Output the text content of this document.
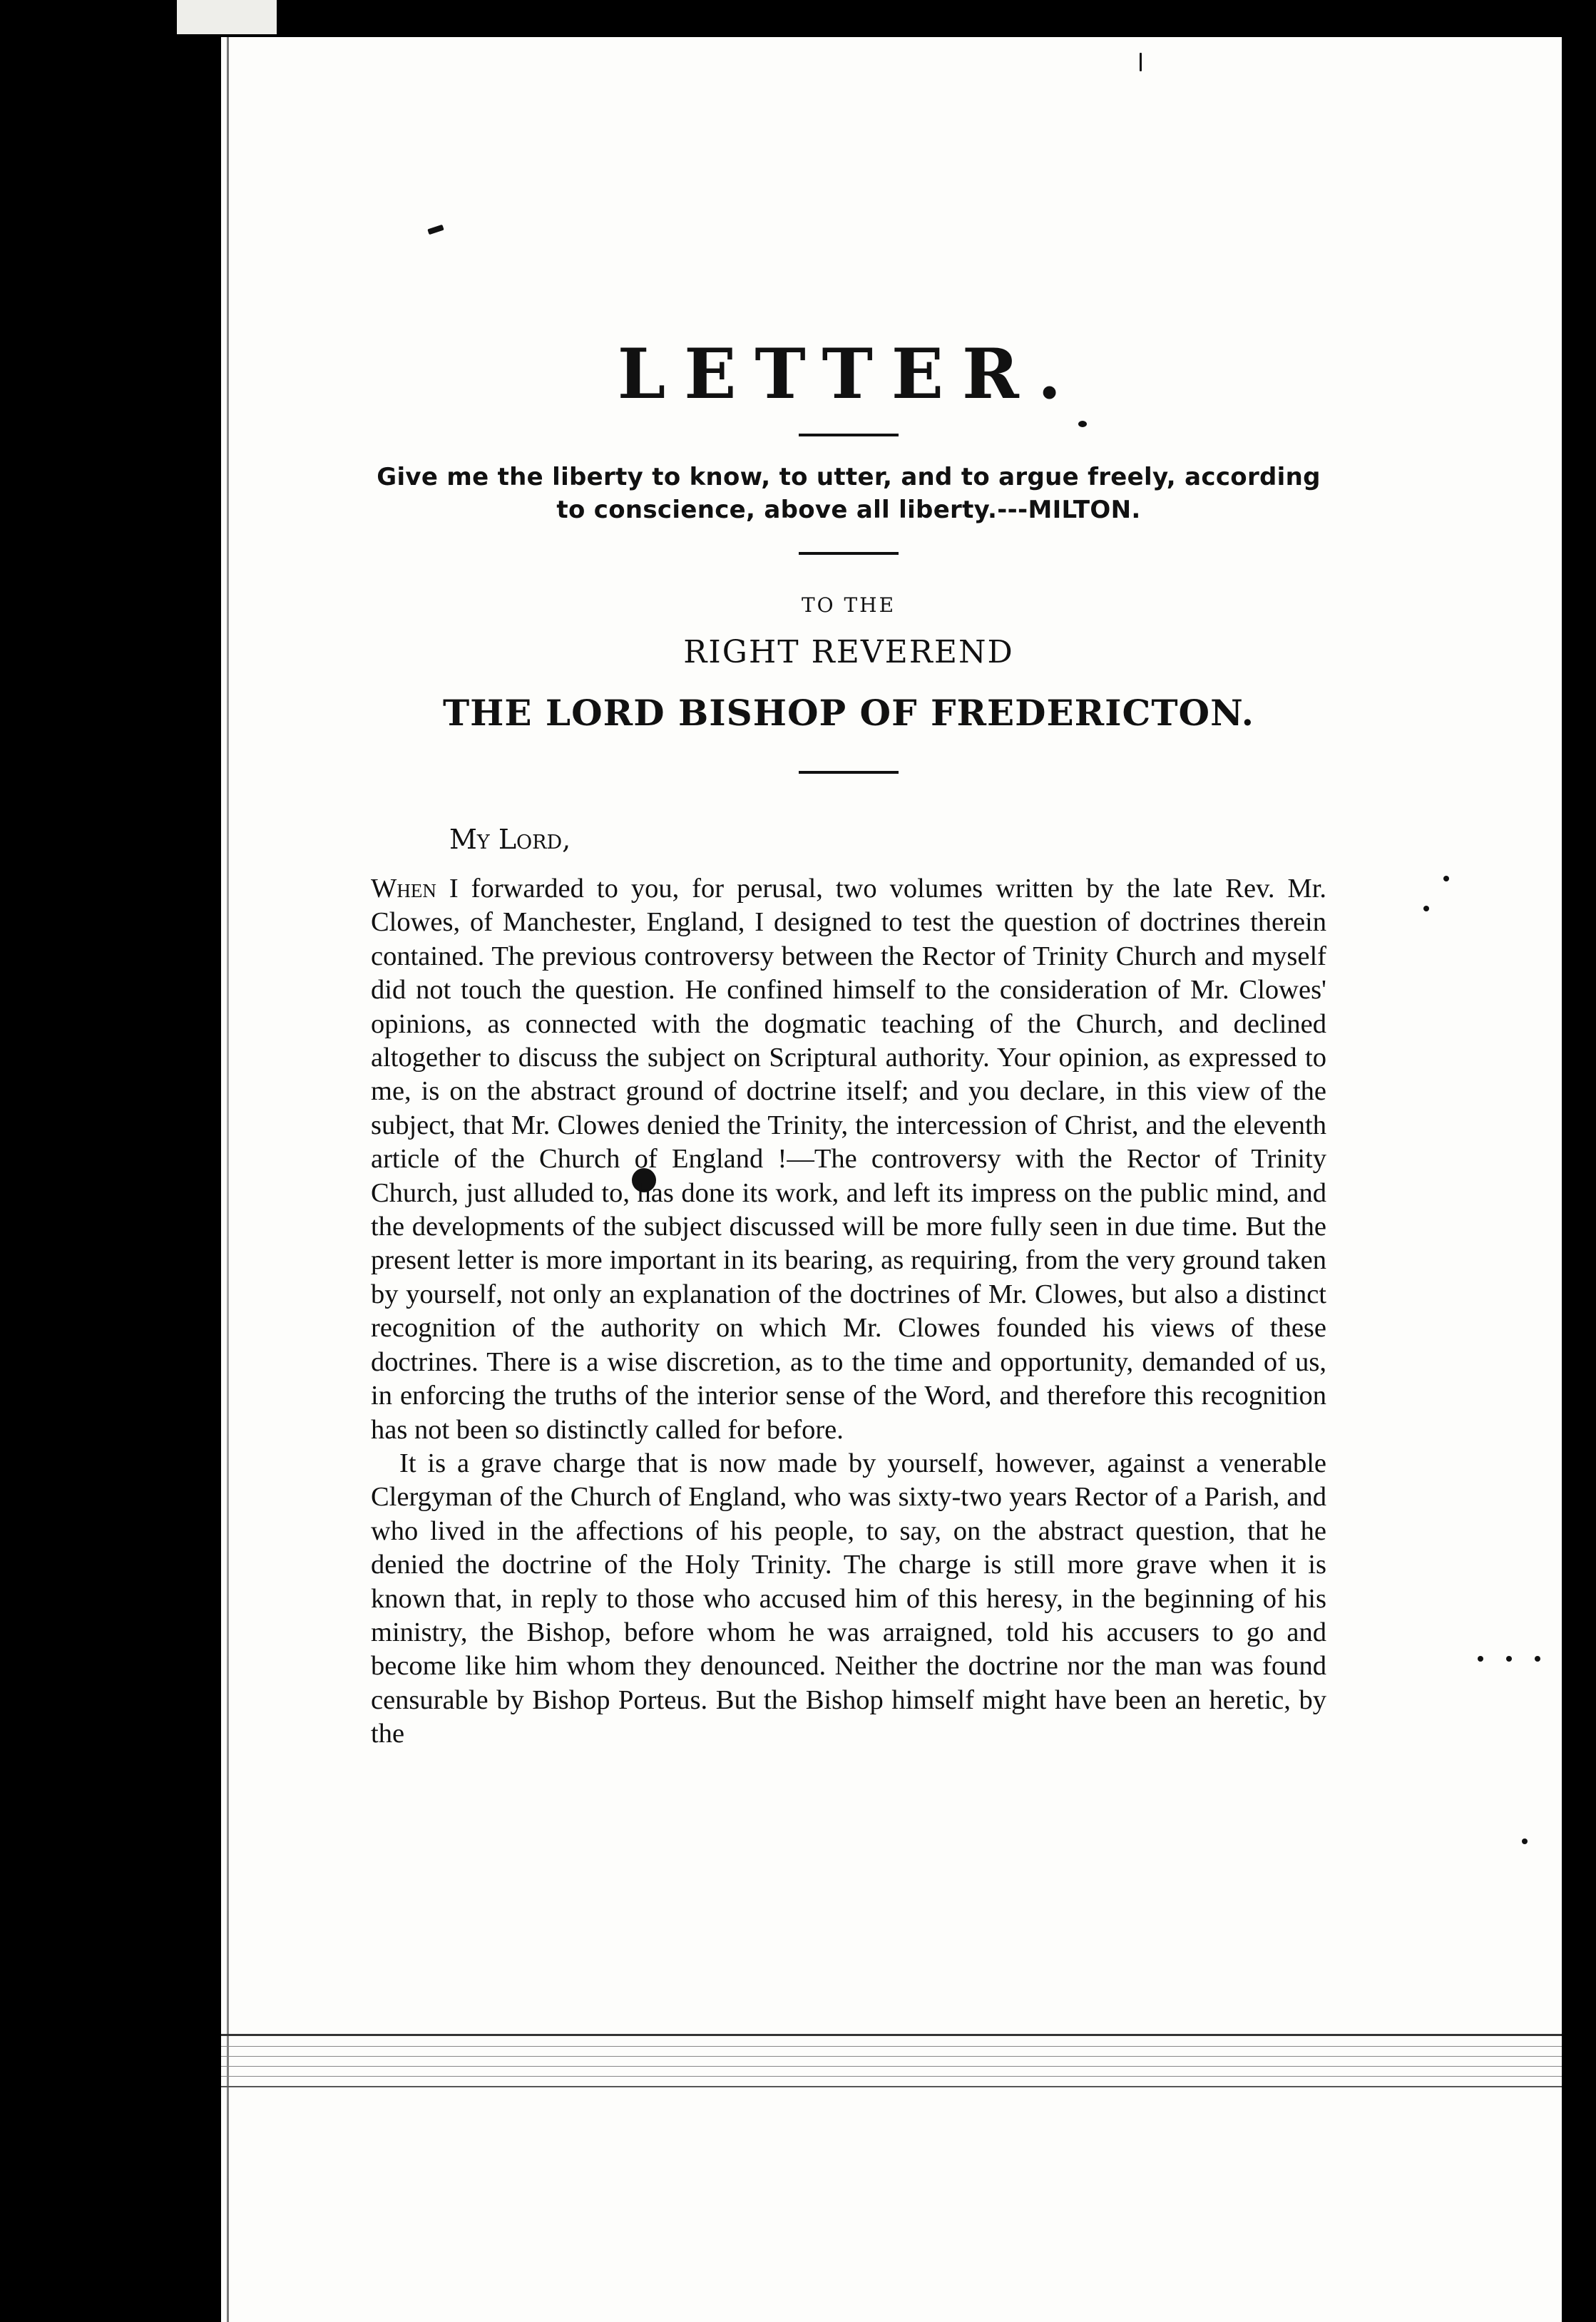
LETTER.
Give me the liberty to know, to utter, and to argue freely, according
to conscience, above all liberty.---MILTON.
TO THE
RIGHT REVEREND
THE LORD BISHOP OF FREDERICTON.
My Lord,

When I forwarded to you, for perusal, two volumes written by the late Rev. Mr. Clowes, of Manchester, England, I designed to test the question of doctrines therein contained. The previous controversy between the Rector of Trinity Church and myself did not touch the question. He confined himself to the consideration of Mr. Clowes' opinions, as connected with the dogmatic teaching of the Church, and declined altogether to discuss the subject on Scriptural authority. Your opinion, as expressed to me, is on the abstract ground of doctrine itself; and you declare, in this view of the subject, that Mr. Clowes denied the Trinity, the intercession of Christ, and the eleventh article of the Church of England !—The controversy with the Rector of Trinity Church, just alluded to, has done its work, and left its impress on the public mind, and the developments of the subject discussed will be more fully seen in due time. But the present letter is more important in its bearing, as requiring, from the very ground taken by yourself, not only an explanation of the doctrines of Mr. Clowes, but also a distinct recognition of the authority on which Mr. Clowes founded his views of these doctrines. There is a wise discretion, as to the time and opportunity, demanded of us, in enforcing the truths of the interior sense of the Word, and therefore this recognition has not been so distinctly called for before.

It is a grave charge that is now made by yourself, however, against a venerable Clergyman of the Church of England, who was sixty-two years Rector of a Parish, and who lived in the affections of his people, to say, on the abstract question, that he denied the doctrine of the Holy Trinity. The charge is still more grave when it is known that, in reply to those who accused him of this heresy, in the beginning of his ministry, the Bishop, before whom he was arraigned, told his accusers to go and become like him whom they denounced. Neither the doctrine nor the man was found censurable by Bishop Porteus. But the Bishop himself might have been an heretic, by the
